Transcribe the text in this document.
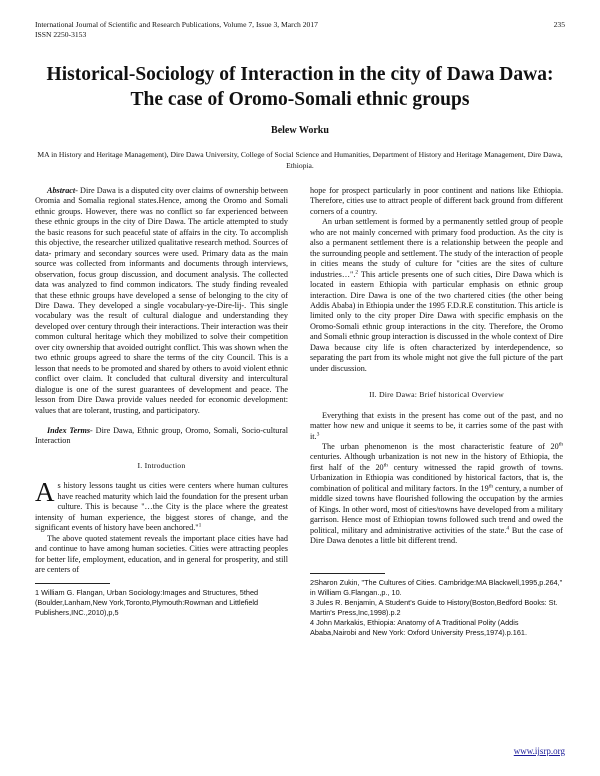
International Journal of Scientific and Research Publications, Volume 7, Issue 3, March 2017
ISSN 2250-3153
235
Historical-Sociology of Interaction in the city of Dawa Dawa: The case of Oromo-Somali ethnic groups
Belew Worku
MA in History and Heritage Management), Dire Dawa University, College of Social Science and Humanities, Department of History and Heritage Management, Dire Dawa, Ethiopia.

Abstract- Dire Dawa is a disputed city over claims of ownership between Oromia and Somalia regional states.Hence, among the Oromo and Somali ethnic groups. However, there was no conflict so far experienced between these ethnic groups in the city of Dire Dawa. The article attempted to study the basic reasons for such peaceful state of affairs in the city. To accomplish this objective, the researcher utilized qualitative research method. Sources of data- primary and secondary sources were used. Primary data as the main source was collected from informants and documents through interviews, observation, focus group discussion, and document analysis. The collected data was analyzed to find common indicators. The study finding revealed that these ethnic groups have developed a sense of belonging to the city of Dire Dawa. They developed a single vocabulary-ye-Dire-lij-. This single vocabulary was the result of cultural dialogue and understanding they developed over century through their interactions. Their interaction was their common cultural heritage which they mobilized to solve their competition over city ownership that avoided outright conflict. This was shown when the two ethnic groups agreed to share the terms of the city Council. This is a lesson that needs to be promoted and shared by others to avoid violent ethnic conflict over claim. It concluded that cultural diversity and intercultural dialogue is one of the surest guarantees of development and peace. The lesson from Dire Dawa provide values needed for economic development: values that are tolerant, trusting, and participatory.

Index Terms- Dire Dawa, Ethnic group, Oromo, Somali, Socio-cultural Interaction

I. Introduction

As history lessons taught us cities were centers where human cultures have reached maturity which laid the foundation for the present urban culture. This is because "…the City is the place where the greatest intensity of human experience, the biggest stores of change, and the significant events of history have been anchored."$^1$

The above quoted statement reveals the important place cities have had and continue to have among human societies. Cities were attracting peoples for better life, employment, education, and in general for prosperity, and still are centers of

1 William G. Flangan, Urban Sociology:Images and Structures, 5thed (Boulder,Lanham,New York,Toronto,Plymouth:Rowman and Littlefield Publishers,INC.,2010),p,5

hope for prospect particularly in poor continent and nations like Ethiopia. Therefore, cities use to attract people of different back ground from different corners of a country.

An urban settlement is formed by a permanently settled group of people who are not mainly concerned with primary food production. As the city is also a permanent settlement there is a relationship between the people and the surrounding people and settlement. The study of the interaction of people in cities means the study of culture for "cities are the sites of culture industries…".$^2$ This article presents one of such cities, Dire Dawa which is located in eastern Ethiopia with particular emphasis on ethnic group interaction. Dire Dawa is one of the two chartered cities (the other being Addis Ababa) in Ethiopia under the 1995 F.D.R.E constitution. This article is limited only to the city proper Dire Dawa with specific emphasis on the Oromo-Somali ethnic group interactions in the city. Therefore, the Oromo and Somali ethnic group interaction is discussed in the whole context of Dire Dawa because city life is often characterized by interdependence, so separating the part from its whole might not give the full picture of the part under discussion.

II. Dire Dawa: Brief historical Overview

Everything that exists in the present has come out of the past, and no matter how new and unique it seems to be, it carries some of the past with it.$^3$

The urban phenomenon is the most characteristic feature of 20th centuries. Although urbanization is not new in the history of Ethiopia, the first half of the 20th century witnessed the rapid growth of towns. Urbanization in Ethiopia was conditioned by historical factors, that is, the combination of political and military factors. In the 19th century, a number of middle sized towns have flourished following the occupation by the armies of Kings. In other word, most of cities/towns have developed from a military garrison. Hence most of Ethiopian towns followed such trend and owed the political, military and administrative activities of the state.$^4$ But the case of Dire Dawa denotes a little bit different trend.

2Sharon Zukin, "The Cultures of Cities. Cambridge:MA Blackwell,1995,p.264," in William G.Flangan.,p., 10.

3 Jules R. Benjamin, A Student's Guide to History(Boston,Bedford Books: St. Martin's Press,Inc,1998).p.2

4 John Markakis, Ethiopia: Anatomy of A Traditional Polity (Addis Ababa,Nairobi and New York: Oxford University Press,1974).p.161.

www.ijsrp.org
